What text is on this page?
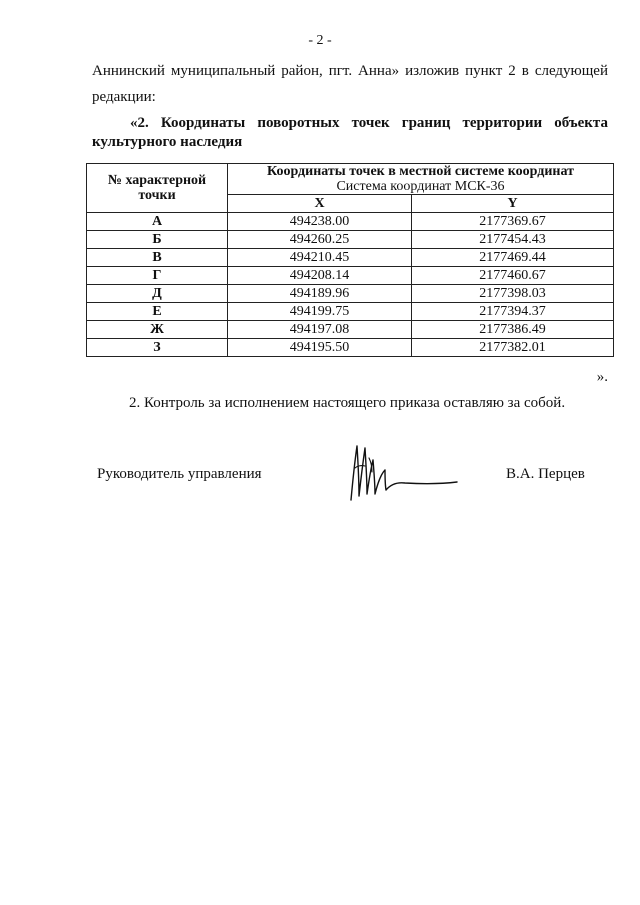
- 2 -
Аннинский муниципальный район, пгт. Анна» изложив пункт 2 в следующей
редакции:
«2. Координаты поворотных точек границ территории объекта
культурного наследия
№ характерной точки	Координаты точек в местной системе координат
Система координат МСК-36	
	X	Y
А	494238.00	2177369.67
Б	494260.25	2177454.43
В	494210.45	2177469.44
Г	494208.14	2177460.67
Д	494189.96	2177398.03
Е	494199.75	2177394.37
Ж	494197.08	2177386.49
З	494195.50	2177382.01
».
2. Контроль за исполнением настоящего приказа оставляю за собой.
Руководитель управления	В.А. Перцев
